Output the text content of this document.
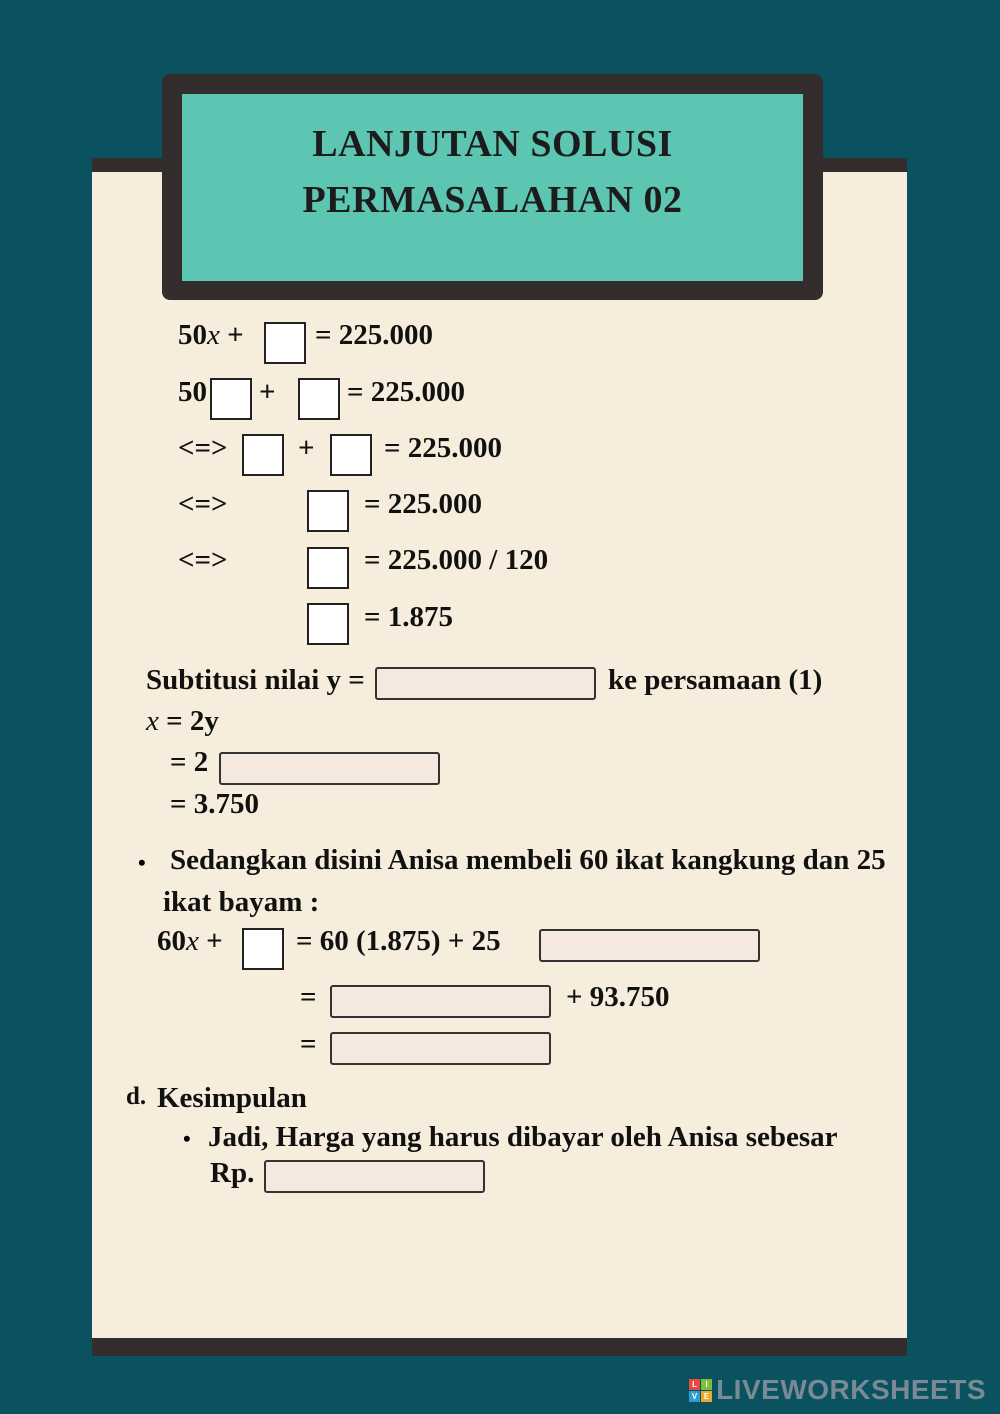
LANJUTAN SOLUSI
PERMASALAHAN 02
50x + = 225.000
50 + = 225.000
<=> + = 225.000
<=>	= 225.000
<=>	= 225.000 / 120
= 1.875
Subtitusi nilai y =	ke persamaan (1)
x = 2y
= 2
= 3.750
• Sedangkan disini Anisa membeli 60 ikat kangkung dan 25
ikat bayam :
60x +	= 60 (1.875) + 25
=	+ 93.750
=
d. Kesimpulan
• Jadi, Harga yang harus dibayar oleh Anisa sebesar
Rp.
L	I
V E LIVEWORKSHEETS
